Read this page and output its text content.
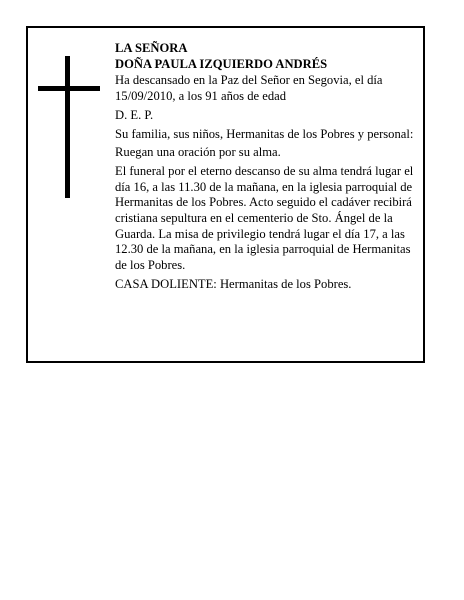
LA SEÑORA

DOÑA PAULA IZQUIERDO ANDRÉS

Ha descansado en la Paz del Señor en Segovia, el día 15/09/2010, a los 91 años de edad

D. E. P.

Su familia, sus niños, Hermanitas de los Pobres y personal:

Ruegan una oración por su alma.

El funeral por el eterno descanso de su alma tendrá lugar el día 16, a las 11.30 de la mañana, en la iglesia parroquial de Hermanitas de los Pobres. Acto seguido el cadáver recibirá cristiana sepultura en el cementerio de Sto. Ángel de la Guarda. La misa de privilegio tendrá lugar el día 17, a las 12.30 de la mañana, en la iglesia parroquial de Hermanitas de los Pobres.

CASA DOLIENTE: Hermanitas de los Pobres.
